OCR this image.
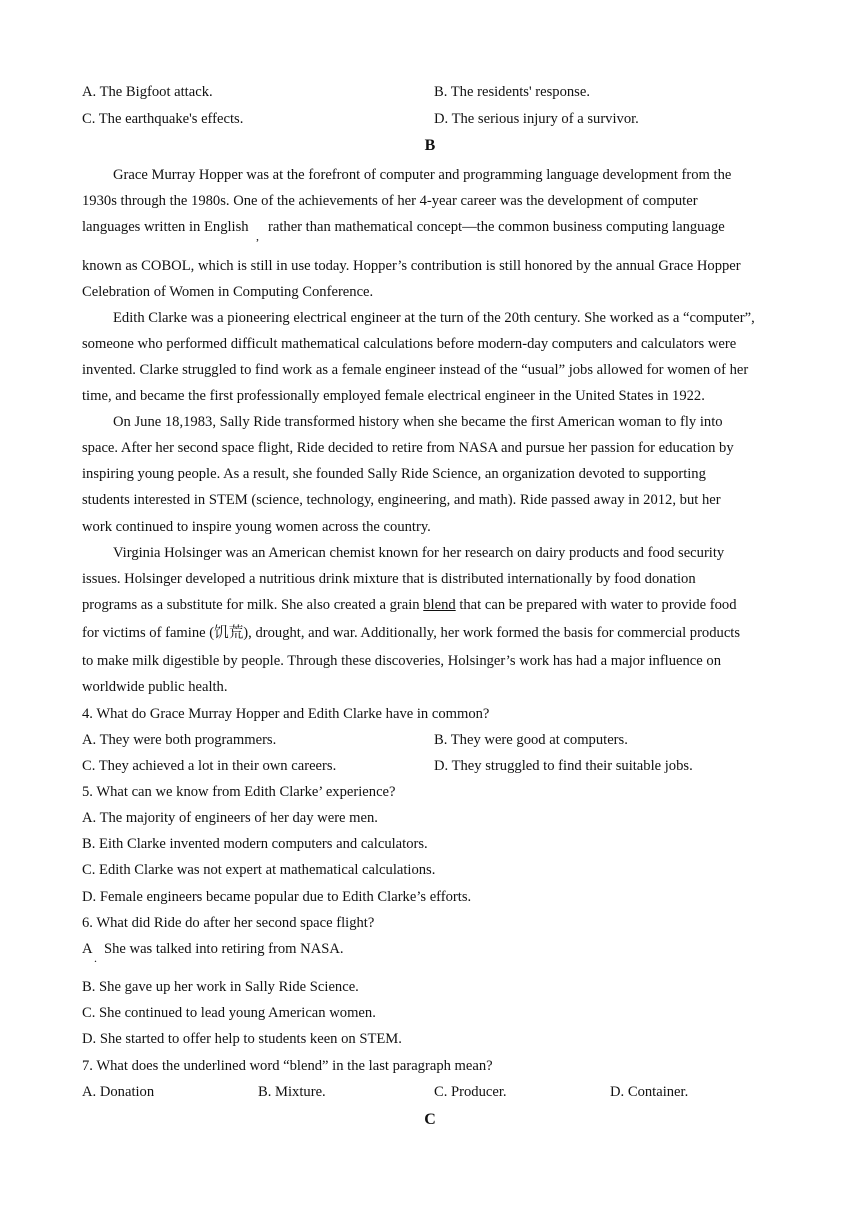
A. The Bigfoot attack.	B. The residents' response.
C. The earthquake's effects.	D. The serious injury of a survivor.
B
Grace Murray Hopper was at the forefront of computer and programming language development from the
1930s through the 1980s. One of the achievements of her 4-year career was the development of computer
languages written in English
,
rather than mathematical concept—the common business computing language
known as COBOL, which is still in use today. Hopper’s contribution is still honored by the annual Grace Hopper
Celebration of Women in Computing Conference.
Edith Clarke was a pioneering electrical engineer at the turn of the 20th century. She worked as a “computer”,
someone who performed difficult mathematical calculations before modern-day computers and calculators were
invented. Clarke struggled to find work as a female engineer instead of the “usual” jobs allowed for women of her
time, and became the first professionally employed female electrical engineer in the United States in 1922.
On June 18,1983, Sally Ride transformed history when she became the first American woman to fly into
space. After her second space flight, Ride decided to retire from NASA and pursue her passion for education by
inspiring young people. As a result, she founded Sally Ride Science, an organization devoted to supporting
students interested in STEM (science, technology, engineering, and math). Ride passed away in 2012, but her
work continued to inspire young women across the country.
Virginia Holsinger was an American chemist known for her research on dairy products and food security
issues. Holsinger developed a nutritious drink mixture that is distributed internationally by food donation
programs as a substitute for milk. She also created a grain blend that can be prepared with water to provide food
for victims of famine (饥荒), drought, and war. Additionally, her work formed the basis for commercial products
to make milk digestible by people. Through these discoveries, Holsinger’s work has had a major influence on
worldwide public health.
4. What do Grace Murray Hopper and Edith Clarke have in common?
A. They were both programmers.	B. They were good at computers.
C. They achieved a lot in their own careers.	D. They struggled to find their suitable jobs.
5. What can we know from Edith Clarke’ experience?
A. The majority of engineers of her day were men.
B. Eith Clarke invented modern computers and calculators.
C. Edith Clarke was not expert at mathematical calculations.
D. Female engineers became popular due to Edith Clarke’s efforts.
6. What did Ride do after her second space flight?
A
.
She was talked into retiring from NASA.
B. She gave up her work in Sally Ride Science.
C. She continued to lead young American women.
D. She started to offer help to students keen on STEM.
7. What does the underlined word “blend” in the last paragraph mean?
A. Donation	B. Mixture.	C. Producer.	D. Container.
C
